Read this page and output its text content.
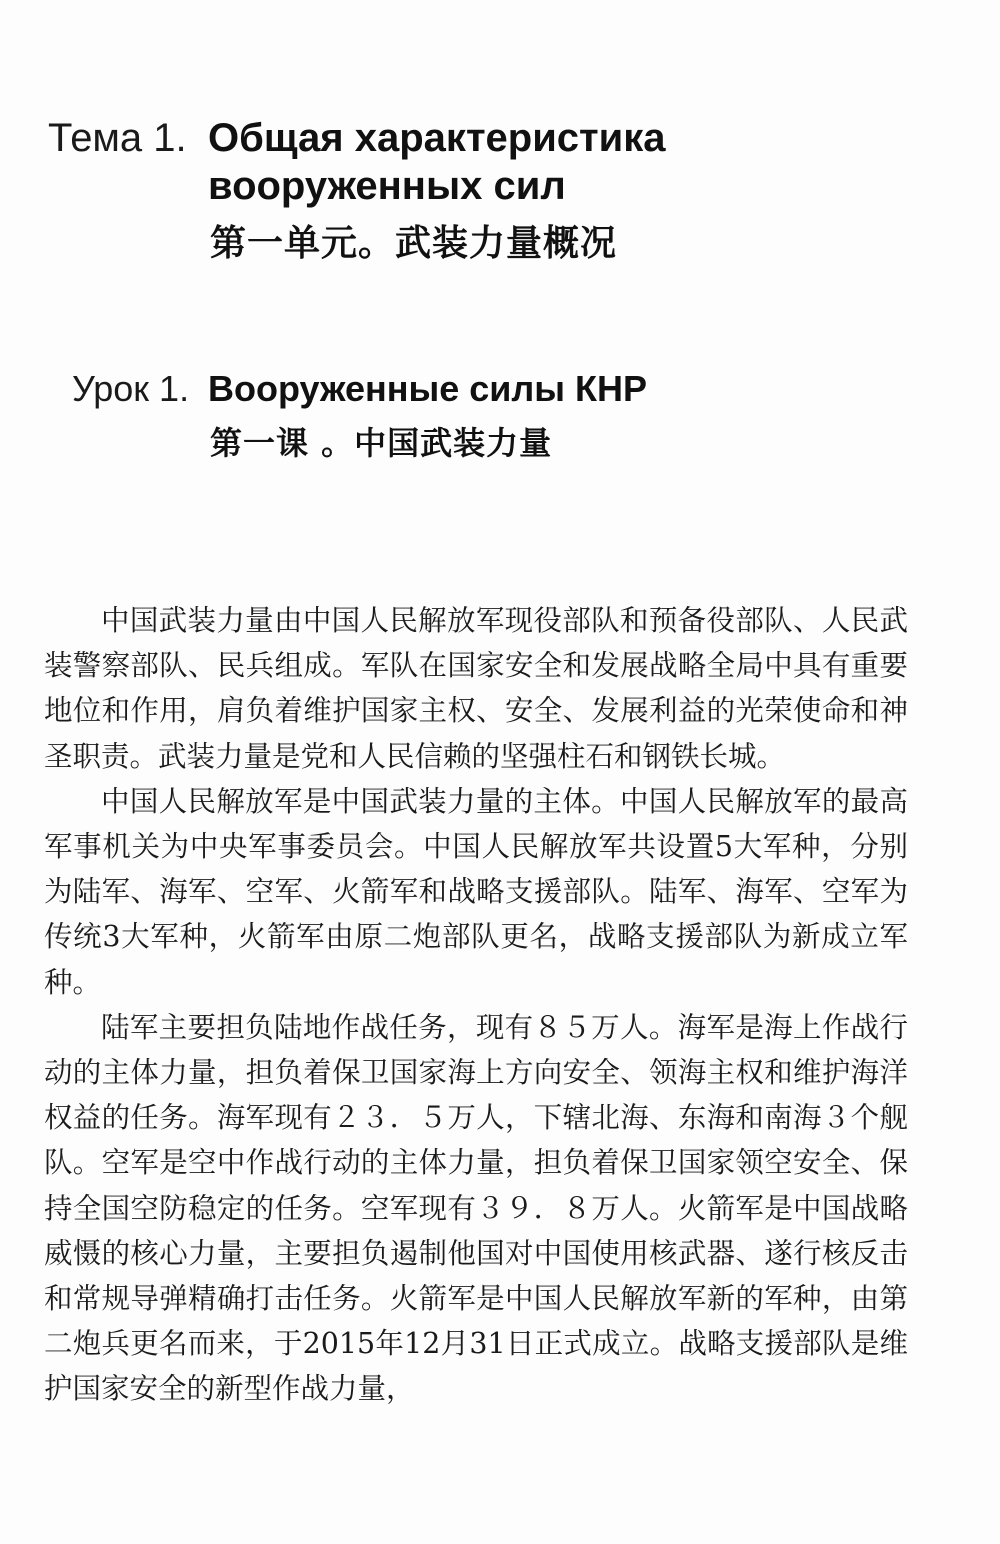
Тема 1. Общая характеристика
вооруженных сил
第一单元。武装力量概况
Урок 1. Вооруженные силы КНР
第一课 。中国武装力量

中国武装力量由中国人民解放军现役部队和预备役部队、人民武装警察部队、民兵组成。军队在国家安全和发展战略全局中具有重要地位和作用，肩负着维护国家主权、安全、发展利益的光荣使命和神圣职责。武装力量是党和人民信赖的坚强柱石和钢铁长城。

中国人民解放军是中国武装力量的主体。中国人民解放军的最高军事机关为中央军事委员会。中国人民解放军共设置5大军种，分别为陆军、海军、空军、火箭军和战略支援部队。陆军、海军、空军为传统3大军种，火箭军由原二炮部队更名，战略支援部队为新成立军种。

陆军主要担负陆地作战任务，现有８５万人。海军是海上作战行动的主体力量，担负着保卫国家海上方向安全、领海主权和维护海洋权益的任务。海军现有２３．５万人，下辖北海、东海和南海３个舰队。空军是空中作战行动的主体力量，担负着保卫国家领空安全、保持全国空防稳定的任务。空军现有３９．８万人。火箭军是中国战略威慑的核心力量，主要担负遏制他国对中国使用核武器、遂行核反击和常规导弹精确打击任务。火箭军是中国人民解放军新的军种，由第二炮兵更名而来，于2015年12月31日正式成立。战略支援部队是维护国家安全的新型作战力量，
